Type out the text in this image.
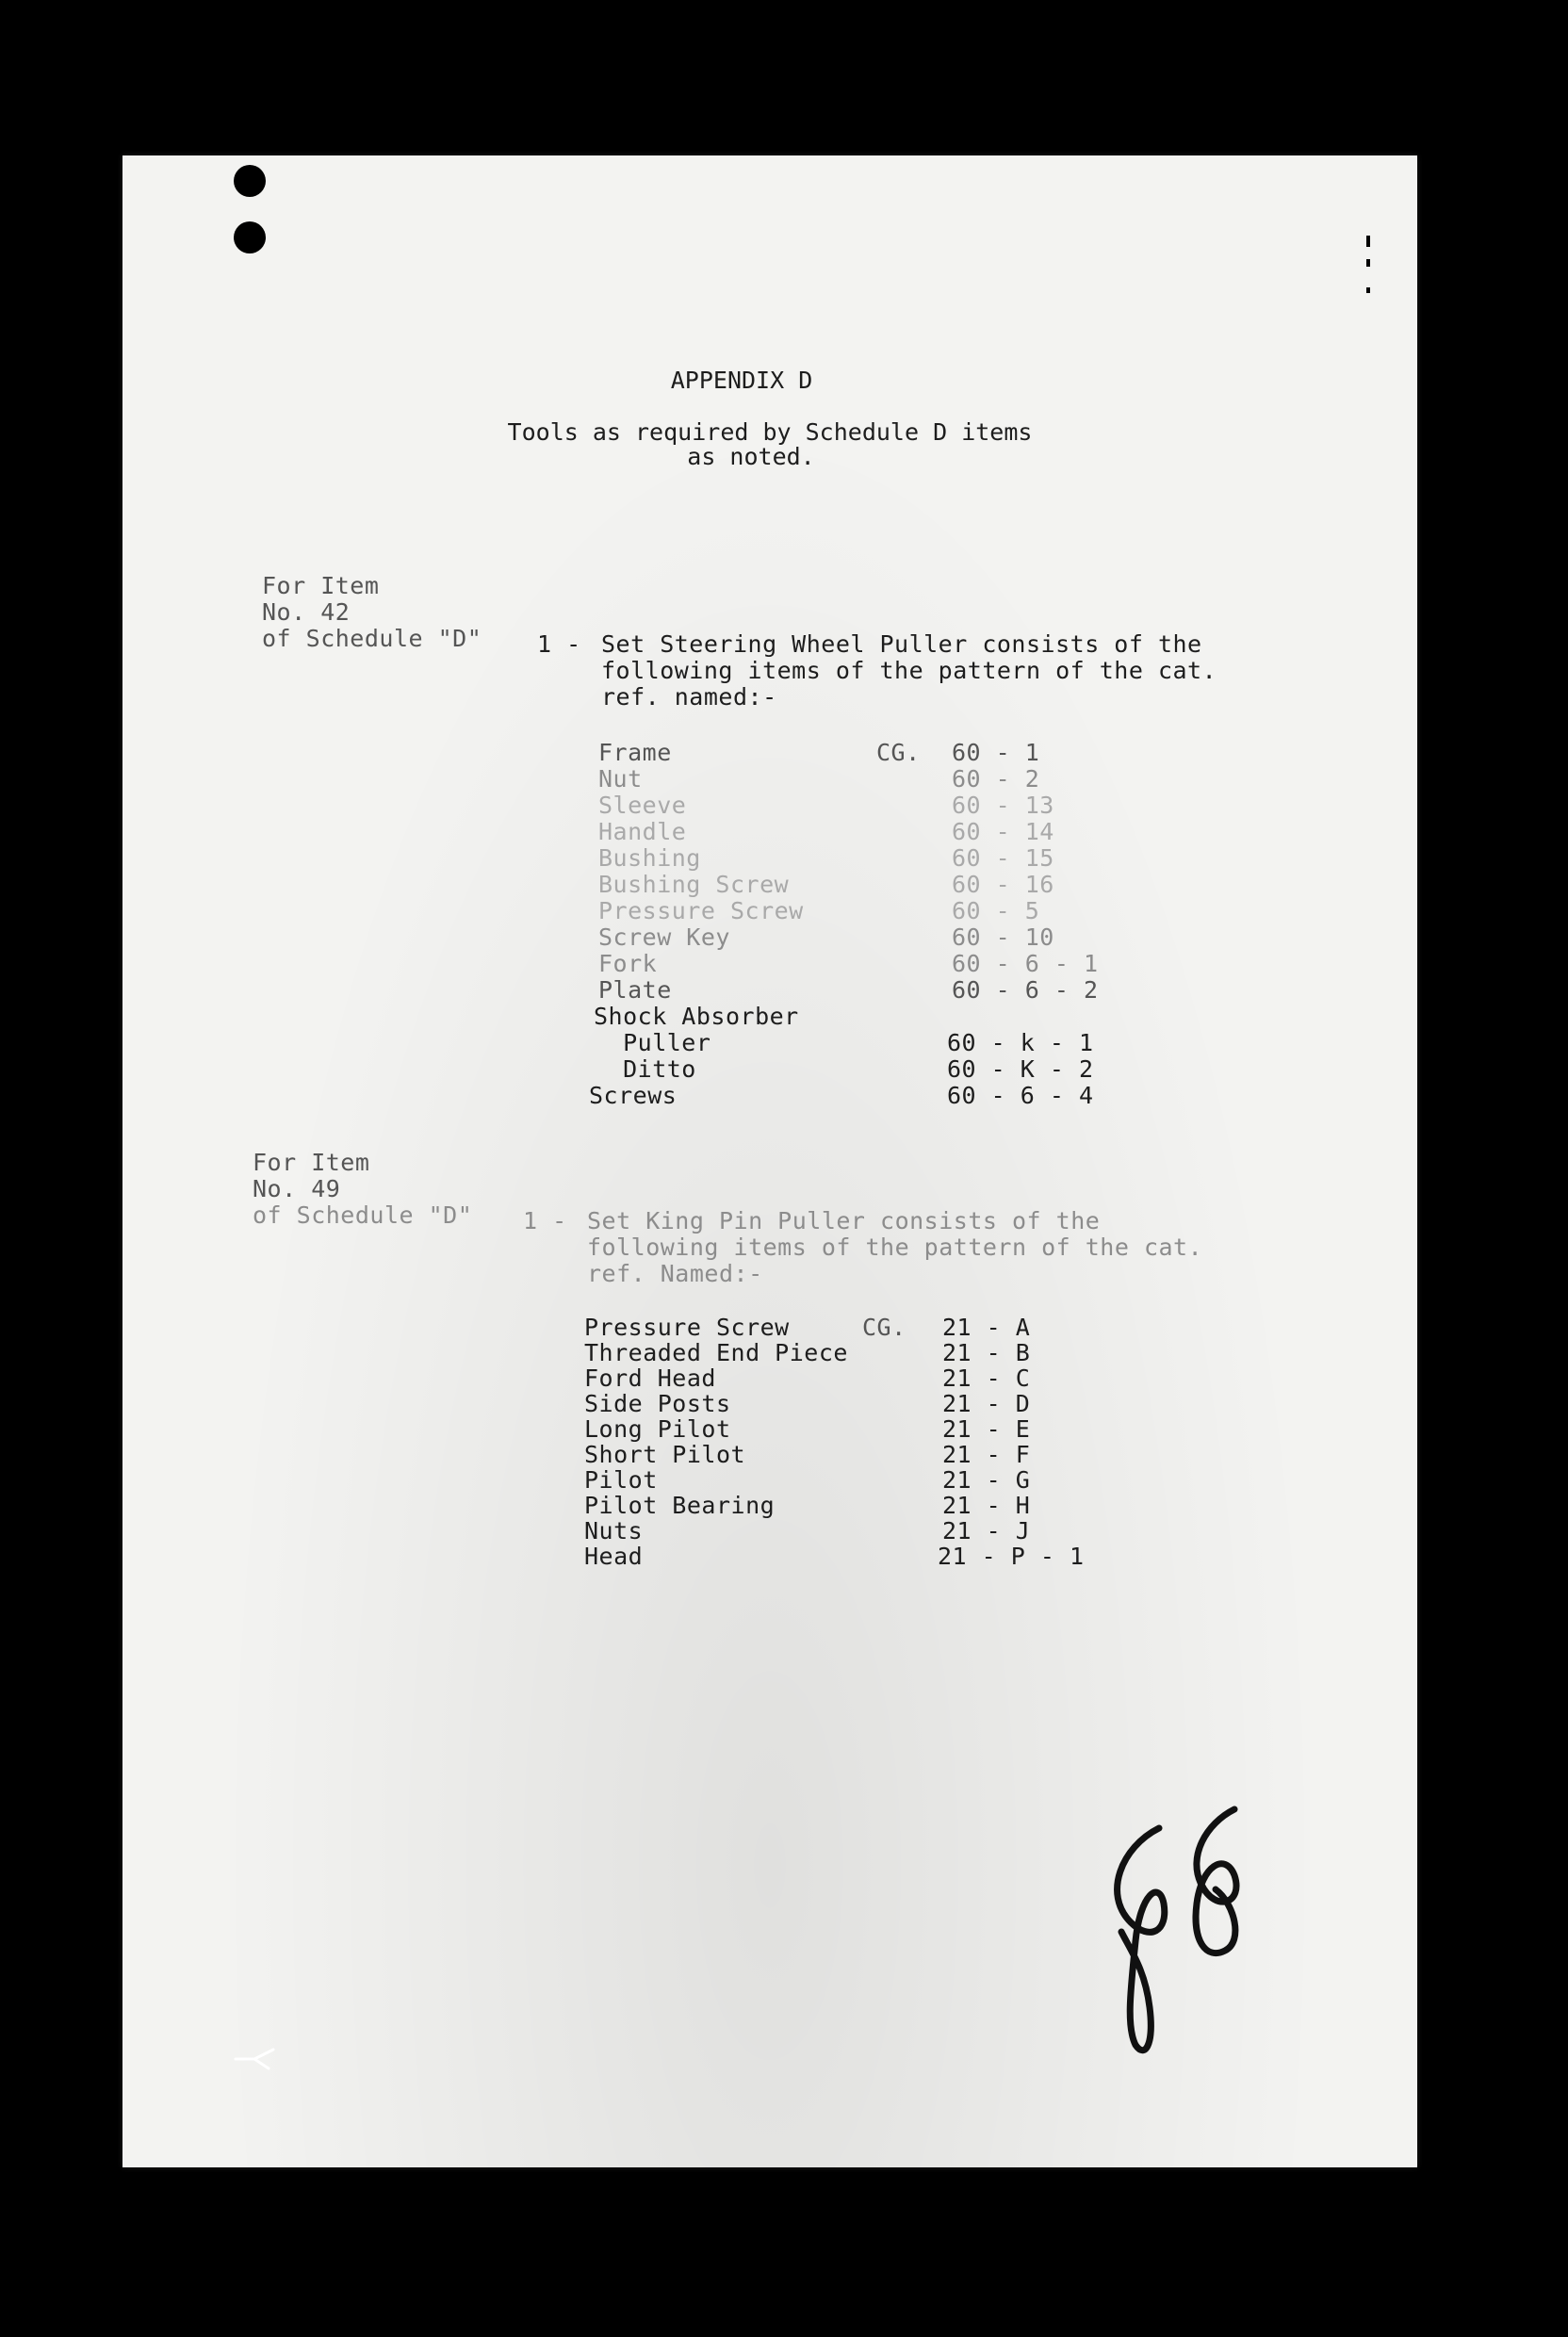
APPENDIX D
Tools as required by Schedule D items
as noted.
For Item
No. 42
of Schedule "D" 1 - Set Steering Wheel Puller consists of the
following items of the pattern of the cat.
ref. named:-
CG.
Frame	60 - 1
Nut	60 - 2
Sleeve	60 - 13
Handle	60 - 14
Bushing	60 - 15
Bushing Screw	60 - 16
Pressure Screw	60 - 5
Screw Key	60 - 10
Fork	60 - 6 - 1
Plate	60 - 6 - 2
Shock Absorber
Puller	60 - k - 1
Ditto	60 - K - 2
Screws	60 - 6 - 4
For Item
No. 49
of Schedule "D" 1 - Set King Pin Puller consists of the
following items of the pattern of the cat.
ref. Named:-
CG.
Pressure Screw	21 - A
Threaded End Piece	21 - B
Ford Head	21 - C
Side Posts	21 - D
Long Pilot	21 - E
Short Pilot	21 - F
Pilot	21 - G
Pilot Bearing	21 - H
Nuts	21 - J
Head	21 - P - 1
